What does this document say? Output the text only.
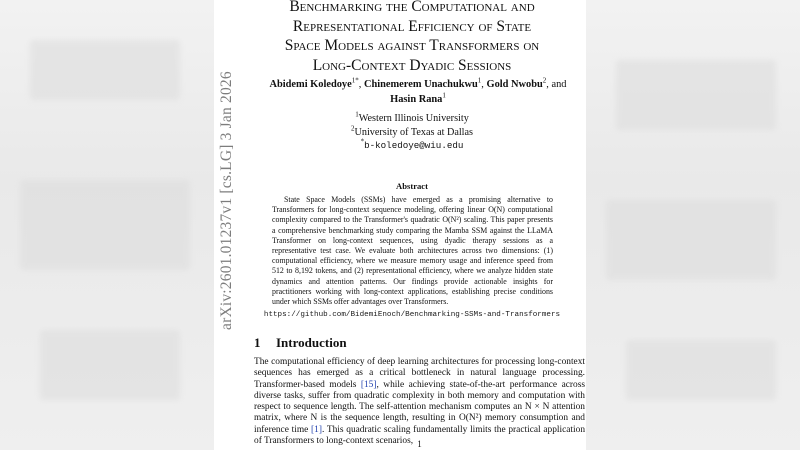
arXiv:2601.01237v1 [cs.LG] 3 Jan 2026
Benchmarking the Computational and
Representational Efficiency of State
Space Models against Transformers on
Long-Context Dyadic Sessions
Abidemi Koledoye$^{1*}$, Chinemerem Unachukwu$^1$, Gold Nwobu$^2$, and
Hasin Rana$^1$
$^1$Western Illinois University
$^2$University of Texas at Dallas
*b-koledoye@wiu.edu
Abstract
State Space Models (SSMs) have emerged as a promising alternative to Transformers for long-context sequence modeling, offering linear O(N) computational complexity compared to the Transformer's quadratic O(N²) scaling. This paper presents a comprehensive benchmarking study comparing the Mamba SSM against the LLaMA Transformer on long-context sequences, using dyadic therapy sessions as a representative test case. We evaluate both architectures across two dimensions: (1) computational efficiency, where we measure memory usage and inference speed from 512 to 8,192 tokens, and (2) representational efficiency, where we analyze hidden state dynamics and attention patterns. Our findings provide actionable insights for practitioners working with long-context applications, establishing precise conditions under which SSMs offer advantages over Transformers.
https://github.com/BidemiEnoch/Benchmarking-SSMs-and-Transformers
1 Introduction
The computational efficiency of deep learning architectures for processing long-context sequences has emerged as a critical bottleneck in natural language processing. Transformer-based models [15], while achieving state-of-the-art performance across diverse tasks, suffer from quadratic complexity in both memory and computation with respect to sequence length. The self-attention mechanism computes an N × N attention matrix, where N is the sequence length, resulting in O(N²) memory consumption and inference time [1]. This quadratic scaling fundamentally limits the practical application of Transformers to long-context scenarios, 1
